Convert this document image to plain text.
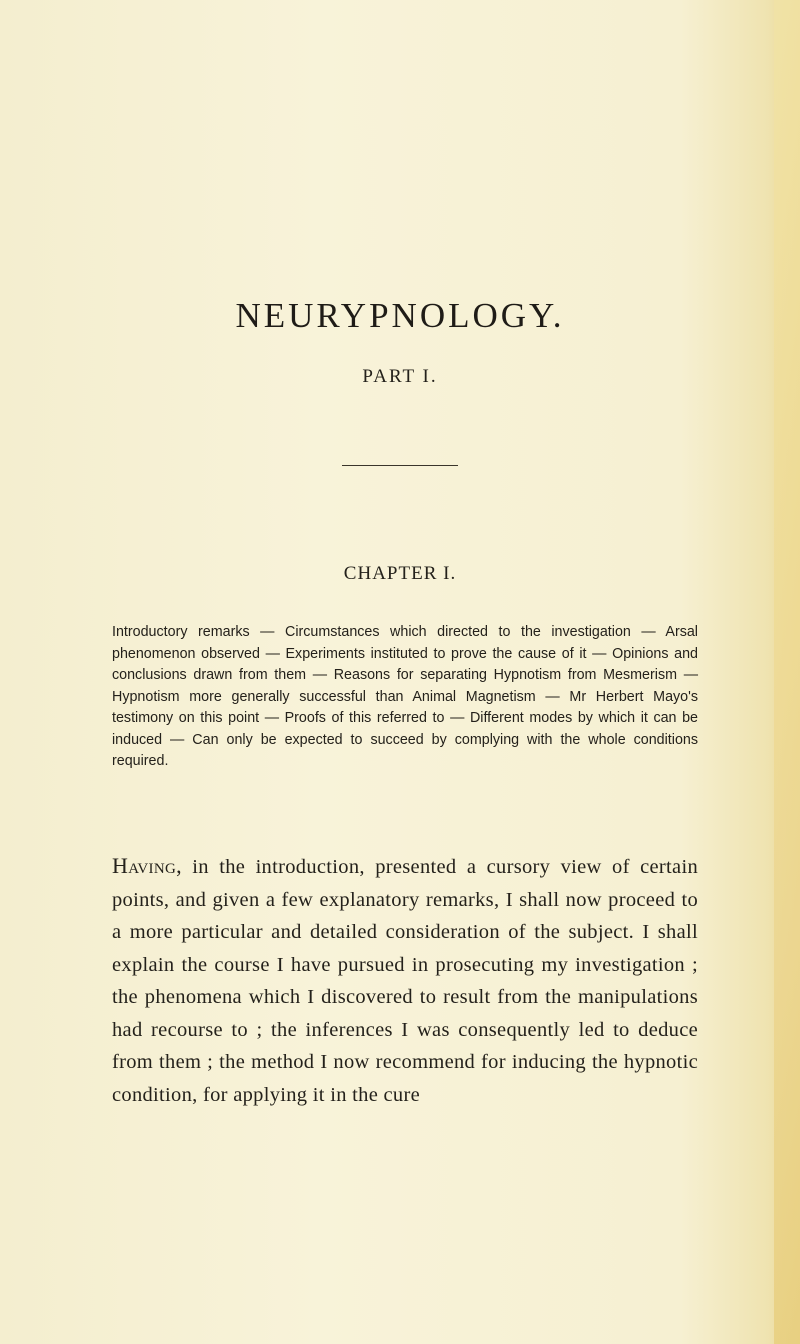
NEURYPNOLOGY.
PART I.
CHAPTER I.
Introductory remarks — Circumstances which directed to the investigation — Arsal phenomenon observed — Experiments instituted to prove the cause of it — Opinions and conclusions drawn from them — Reasons for separating Hypnotism from Mesmerism — Hypnotism more generally successful than Animal Magnetism — Mr Herbert Mayo's testimony on this point — Proofs of this referred to — Different modes by which it can be induced — Can only be expected to succeed by complying with the whole conditions required.
Having, in the introduction, presented a cursory view of certain points, and given a few explanatory remarks, I shall now proceed to a more particular and detailed consideration of the subject. I shall explain the course I have pursued in prosecuting my investigation ; the phenomena which I discovered to result from the manipulations had recourse to ; the inferences I was consequently led to deduce from them ; the method I now recommend for inducing the hypnotic condition, for applying it in the cure
